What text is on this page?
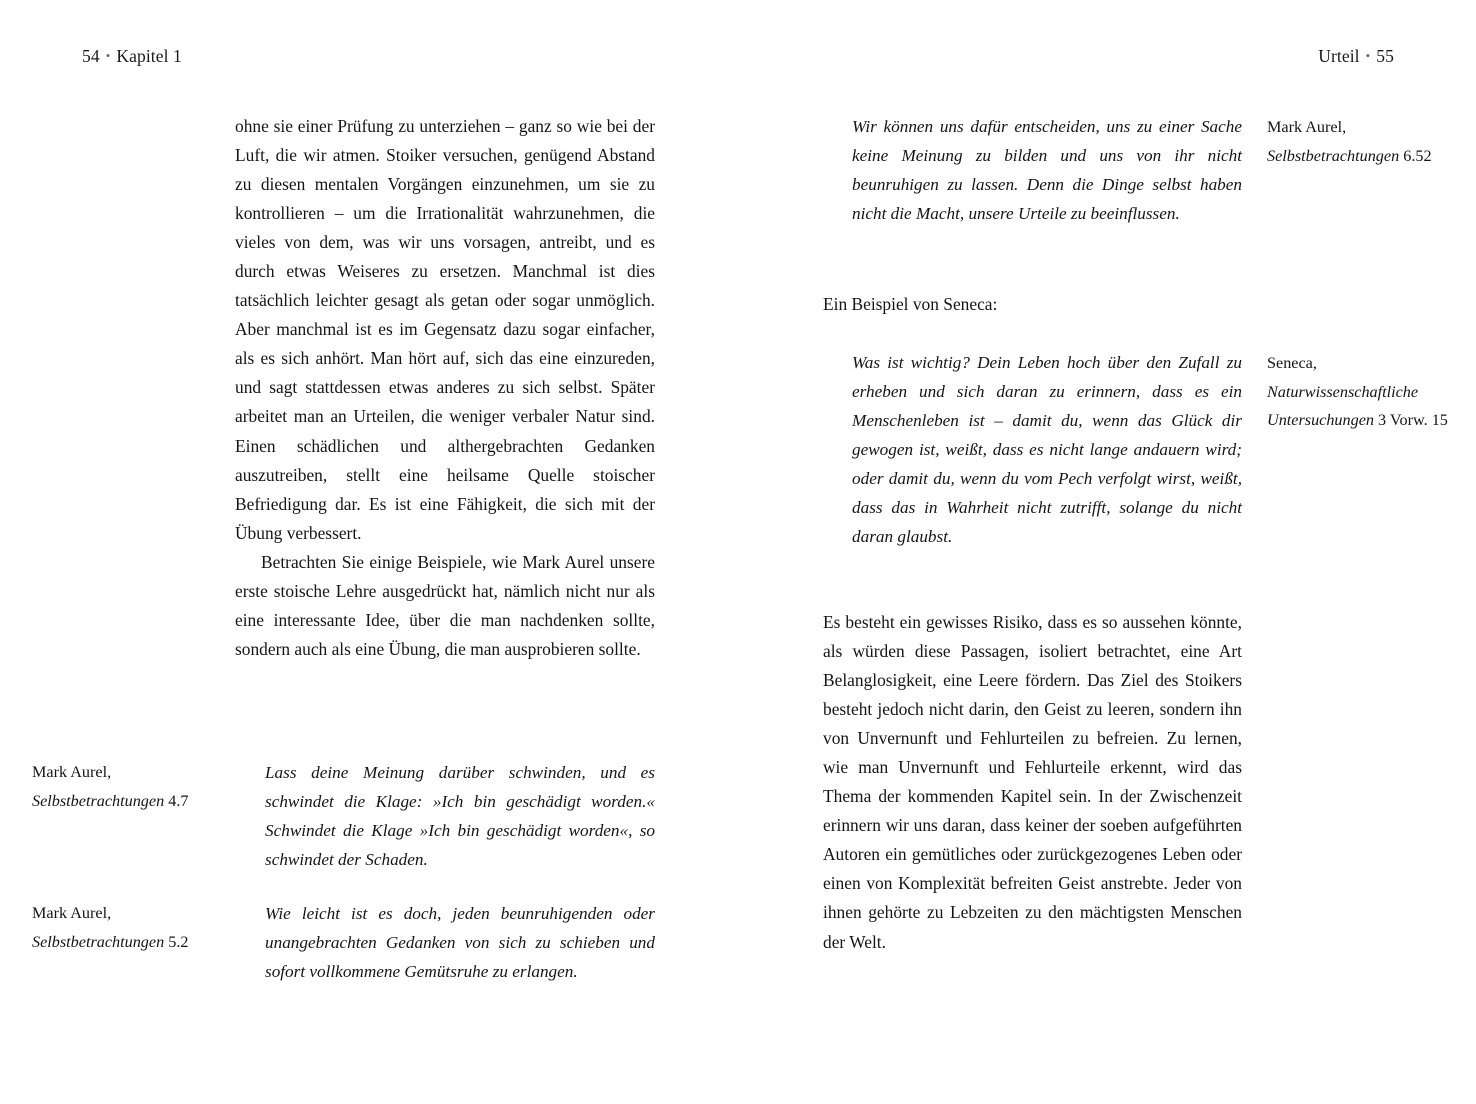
54 • Kapitel 1	Urteil • 55

ohne sie einer Prüfung zu unterziehen – ganz so wie bei der Luft, die wir atmen. Stoiker versuchen, genügend Abstand zu diesen mentalen Vorgängen einzunehmen, um sie zu kontrollieren – um die Irrationalität wahrzunehmen, die vieles von dem, was wir uns vorsagen, antreibt, und es durch etwas Weiseres zu ersetzen. Manchmal ist dies tatsächlich leichter gesagt als getan oder sogar unmöglich. Aber manchmal ist es im Gegensatz dazu sogar einfacher, als es sich anhört. Man hört auf, sich das eine einzureden, und sagt stattdessen etwas anderes zu sich selbst. Später arbeitet man an Urteilen, die weniger verbaler Natur sind. Einen schädlichen und althergebrachten Gedanken auszutreiben, stellt eine heilsame Quelle stoischer Befriedigung dar. Es ist eine Fähigkeit, die sich mit der Übung verbessert.

Betrachten Sie einige Beispiele, wie Mark Aurel unsere erste stoische Lehre ausgedrückt hat, nämlich nicht nur als eine interessante Idee, über die man nachdenken sollte, sondern auch als eine Übung, die man ausprobieren sollte.

Mark Aurel, Selbstbetrachtungen 4.7

Lass deine Meinung darüber schwinden, und es schwindet die Klage: »Ich bin geschädigt worden.« Schwindet die Klage »Ich bin geschädigt worden«, so schwindet der Schaden.

Mark Aurel, Selbstbetrachtungen 5.2

Wie leicht ist es doch, jeden beunruhigenden oder unangebrachten Gedanken von sich zu schieben und sofort vollkommene Gemütsruhe zu erlangen.

Wir können uns dafür entscheiden, uns zu einer Sache keine Meinung zu bilden und uns von ihr nicht beunruhigen zu lassen. Denn die Dinge selbst haben nicht die Macht, unsere Urteile zu beeinflussen.

Mark Aurel, Selbstbetrachtungen 6.52

Ein Beispiel von Seneca:

Was ist wichtig? Dein Leben hoch über den Zufall zu erheben und sich daran zu erinnern, dass es ein Menschenleben ist – damit du, wenn das Glück dir gewogen ist, weißt, dass es nicht lange andauern wird; oder damit du, wenn du vom Pech verfolgt wirst, weißt, dass das in Wahrheit nicht zutrifft, solange du nicht daran glaubst.

Seneca, Naturwissenschaftliche Untersuchungen 3 Vorw. 15

Es besteht ein gewisses Risiko, dass es so aussehen könnte, als würden diese Passagen, isoliert betrachtet, eine Art Belanglosigkeit, eine Leere fördern. Das Ziel des Stoikers besteht jedoch nicht darin, den Geist zu leeren, sondern ihn von Unvernunft und Fehlurteilen zu befreien. Zu lernen, wie man Unvernunft und Fehlurteile erkennt, wird das Thema der kommenden Kapitel sein. In der Zwischenzeit erinnern wir uns daran, dass keiner der soeben aufgeführten Autoren ein gemütliches oder zurückgezogenes Leben oder einen von Komplexität befreiten Geist anstrebte. Jeder von ihnen gehörte zu Lebzeiten zu den mächtigsten Menschen der Welt.
